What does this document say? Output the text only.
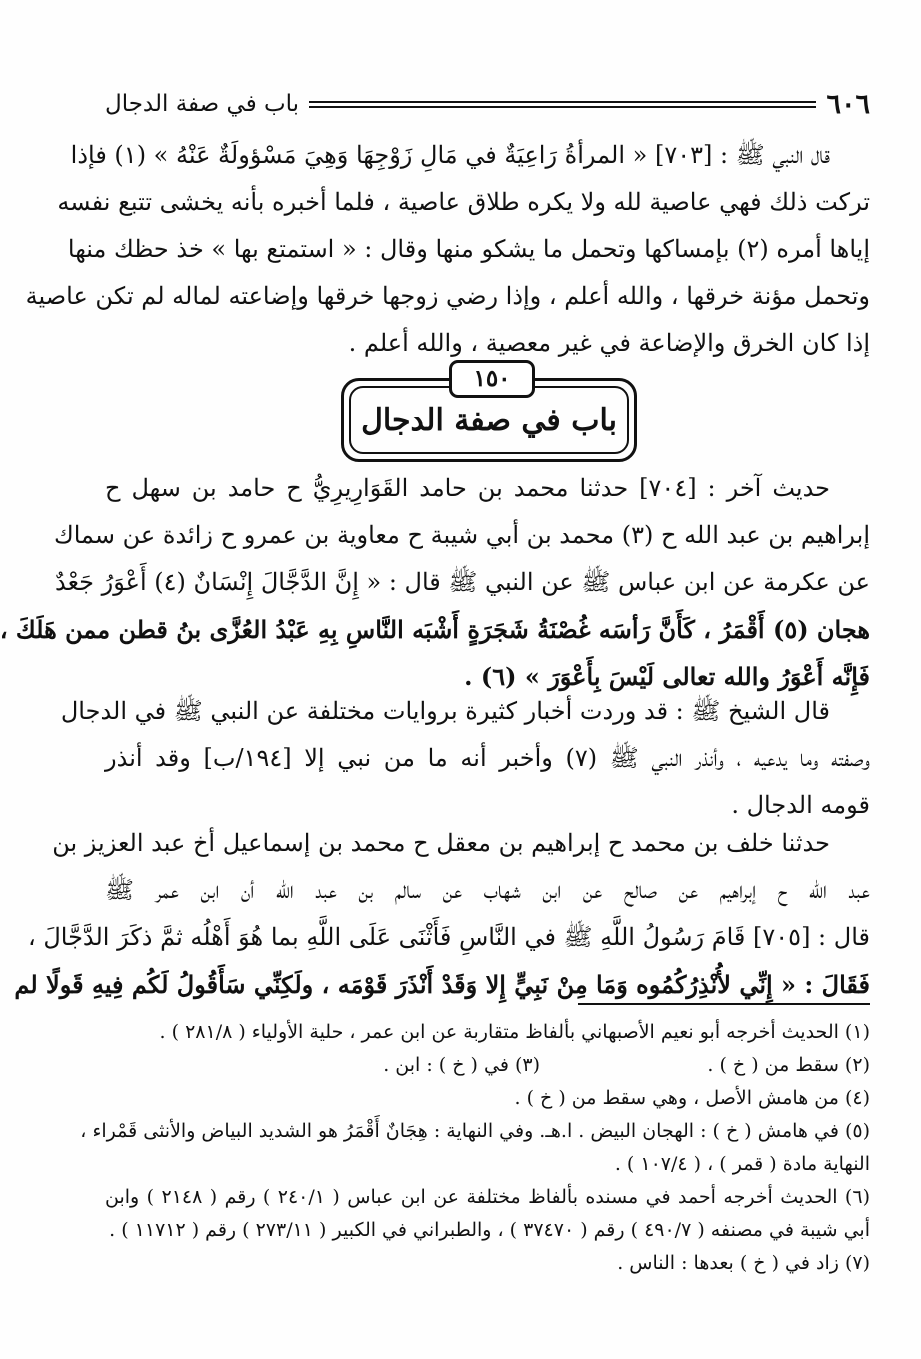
٦٠٦
باب في صفة الدجال
قال النبي ﷺ : [٧٠٣] « المرأةُ رَاعِيَةٌ في مَالِ زَوْجِهَا وَهِيَ مَسْؤولَةٌ عَنْهُ » (١) فإذا
تركت ذلك فهي عاصية لله ولا يكره طلاق عاصية ، فلما أخبره بأنه يخشى تتبع نفسه
إياها أمره (٢) بإمساكها وتحمل ما يشكو منها وقال : « استمتع بها » خذ حظك منها
وتحمل مؤنة خرقها ، والله أعلم ، وإذا رضي زوجها خرقها وإضاعته لماله لم تكن عاصية
إذا كان الخرق والإضاعة في غير معصية ، والله أعلم .
باب في صفة الدجال
١٥٠
حديث آخر : [٧٠٤] حدثنا محمد بن حامد القَوَارِيرِيُّ ح حامد بن سهل ح
إبراهيم بن عبد الله ح (٣) محمد بن أبي شيبة ح معاوية بن عمرو ح زائدة عن سماك
عن عكرمة عن ابن عباس ﷺ عن النبي ﷺ قال : « إِنَّ الدَّجَّالَ إِنْسَانٌ (٤) أَعْوَرُ جَعْدٌ
هجان (٥) أَقْمَرُ ، كَأَنَّ رَأسَه غُصْنَةُ شَجَرَةٍ أَشْبَه النَّاسِ بِهِ عَبْدُ العُزَّى بنُ قطن ممن هَلَكَ ،
فَإِنَّه أَعْوَرُ والله تعالى لَيْسَ بِأَعْوَرَ » (٦) .
قال الشيخ ﷺ : قد وردت أخبار كثيرة بروايات مختلفة عن النبي ﷺ في الدجال
وصفته وما يدعيه ، وأنذر النبي ﷺ (٧) وأخبر أنه ما من نبي إلا [١٩٤/ب] وقد أنذر
قومه الدجال .
حدثنا خلف بن محمد ح إبراهيم بن معقل ح محمد بن إسماعيل أخ عبد العزيز بن
عبد الله ح إبراهيم عن صالح عن ابن شهاب عن سالم بن عبد الله أن ابن عمر ﷺ
قال : [٧٠٥] قَامَ رَسُولُ اللَّهِ ﷺ في النَّاسِ فَأَثْنَى عَلَى اللَّهِ بما هُوَ أَهْلُه ثمَّ ذكَرَ الدَّجَّالَ ،
فَقَالَ : « إِنِّي لأُنْذِرُكُمُوه وَمَا مِنْ نَبِيٍّ إِلا وَقَدْ أَنْذَرَ قَوْمَه ، ولَكِنِّي سَأَقُولُ لَكُم فِيهِ قَولًا لم
(١) الحديث أخرجه أبو نعيم الأصبهاني بألفاظ متقاربة عن ابن عمر ، حلية الأولياء ( ٢٨١/٨ ) .
(٢) سقط من ( خ ) .
(٣) في ( خ ) : ابن .
(٤) من هامش الأصل ، وهي سقط من ( خ ) .
(٥) في هامش ( خ ) : الهجان البيض . ا.هـ. وفي النهاية : هِجَانٌ أَقْمَرُ هو الشديد البياض والأنثى قَمْراء ،
النهاية مادة ( قمر ) ، ( ١٠٧/٤ ) .
(٦) الحديث أخرجه أحمد في مسنده بألفاظ مختلفة عن ابن عباس ( ٢٤٠/١ ) رقم ( ٢١٤٨ ) وابن
أبي شيبة في مصنفه ( ٤٩٠/٧ ) رقم ( ٣٧٤٧٠ ) ، والطبراني في الكبير ( ٢٧٣/١١ ) رقم ( ١١٧١٢ ) .
(٧) زاد في ( خ ) بعدها : الناس .
